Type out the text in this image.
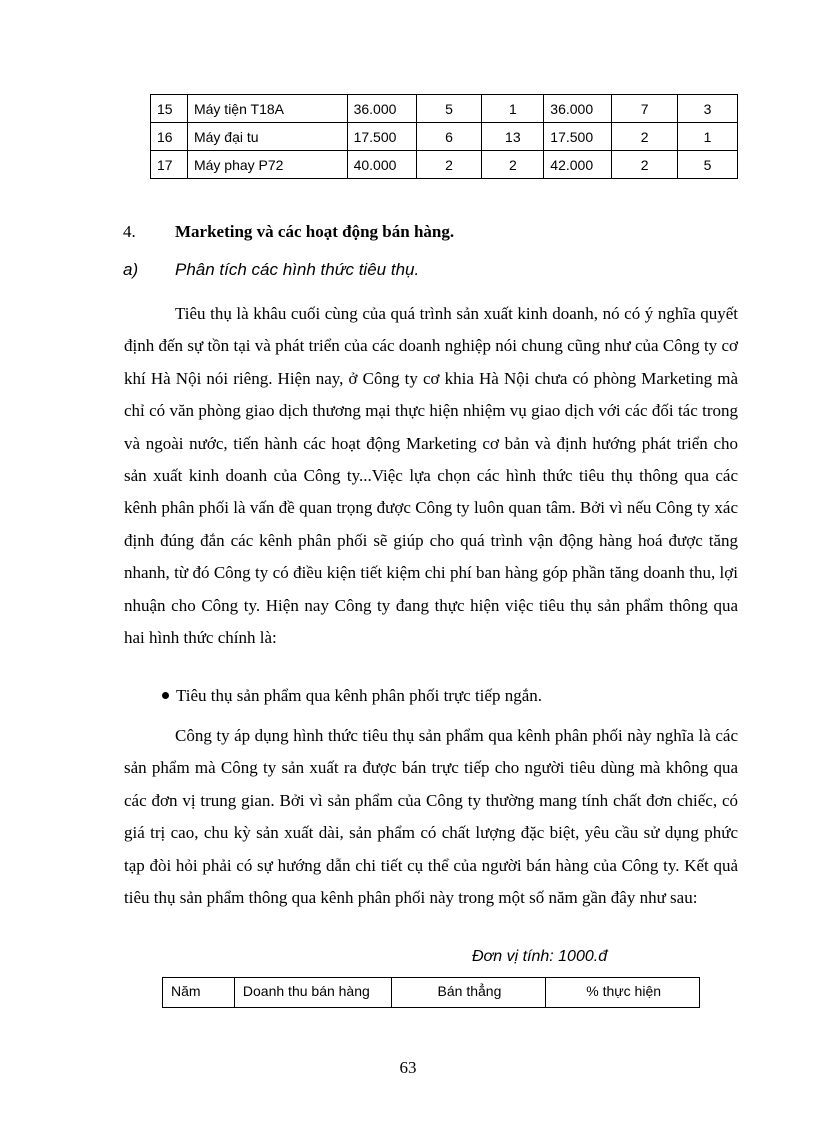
15	Máy tiện T18A	36.000	5	1	36.000	7	3
16	Máy đại tu	17.500	6	13	17.500	2	1
17	Máy phay P72	40.000	2	2	42.000	2	5
4. Marketing và các hoạt động bán hàng.
a) Phân tích các hình thức tiêu thụ.

Tiêu thụ là khâu cuối cùng của quá trình sản xuất kinh doanh, nó có ý nghĩa quyết định đến sự tồn tại và phát triển của các doanh nghiệp nói chung cũng như của Công ty cơ khí Hà Nội nói riêng. Hiện nay, ở Công ty cơ khia Hà Nội chưa có phòng Marketing mà chỉ có văn phòng giao dịch thương mại thực hiện nhiệm vụ giao dịch với các đối tác trong và ngoài nước, tiến hành các hoạt động Marketing cơ bản và định hướng phát triển cho sản xuất kinh doanh của Công ty...Việc lựa chọn các hình thức tiêu thụ thông qua các kênh phân phối là vấn đề quan trọng được Công ty luôn quan tâm. Bởi vì nếu Công ty xác định đúng đắn các kênh phân phối sẽ giúp cho quá trình vận động hàng hoá được tăng nhanh, từ đó Công ty có điều kiện tiết kiệm chi phí ban hàng góp phần tăng doanh thu, lợi nhuận cho Công ty. Hiện nay Công ty đang thực hiện việc tiêu thụ sản phẩm thông qua hai hình thức chính là:

Tiêu thụ sản phẩm qua kênh phân phối trực tiếp ngắn.

Công ty áp dụng hình thức tiêu thụ sản phẩm qua kênh phân phối này nghĩa là các sản phẩm mà Công ty sản xuất ra được bán trực tiếp cho người tiêu dùng mà không qua các đơn vị trung gian. Bởi vì sản phẩm của Công ty thường mang tính chất đơn chiếc, có giá trị cao, chu kỳ sản xuất dài, sản phẩm có chất lượng đặc biệt, yêu cầu sử dụng phức tạp đòi hỏi phải có sự hướng dẫn chi tiết cụ thể của người bán hàng của Công ty. Kết quả tiêu thụ sản phẩm thông qua kênh phân phối này trong một số năm gần đây như sau:

Đơn vị tính: 1000.đ
Năm	Doanh thu bán hàng	Bán thẳng	% thực hiện
63
